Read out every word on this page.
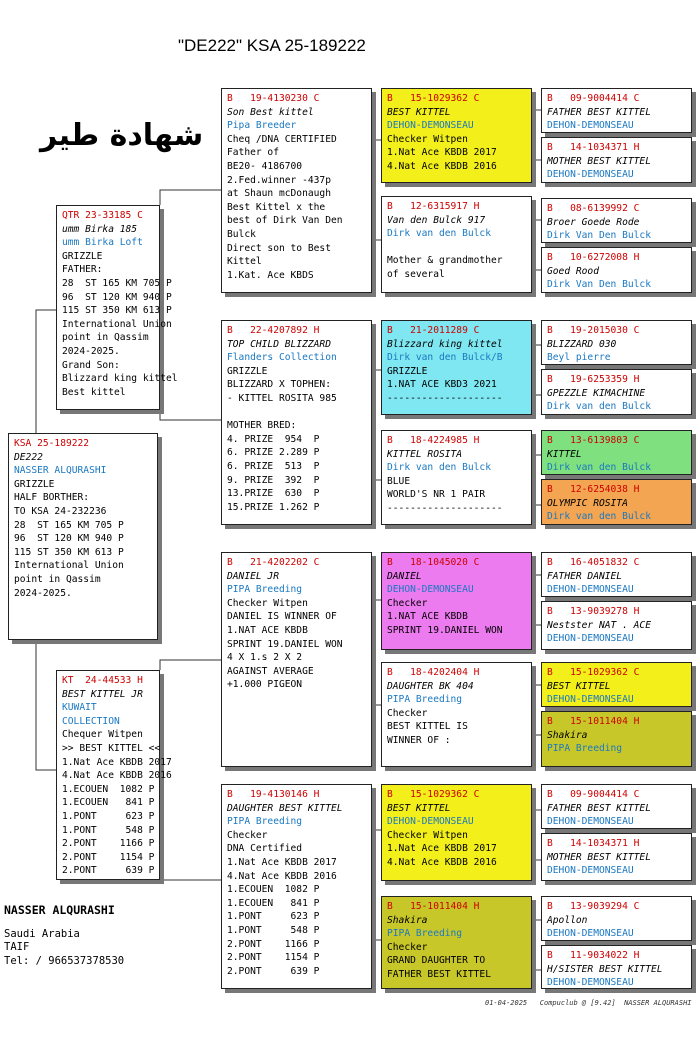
"DE222" KSA 25-189222
شهادة طير
KSA 25-189222
DE222
NASSER ALQURASHI
GRIZZLE
HALF BORTHER:
TO KSA 24-232236
28  ST 165 KM 705 P
96  ST 120 KM 940 P
115 ST 350 KM 613 P
International Union
point in Qassim
2024-2025.
QTR 23-33185 C
umm Birka 185
umm Birka Loft
GRIZZLE
FATHER:
28  ST 165 KM 705 P
96  ST 120 KM 940 P
115 ST 350 KM 613 P
International Union
point in Qassim
2024-2025.
Grand Son:
Blizzard king kittel
Best kittel
KT  24-44533 H
BEST KITTEL JR
KUWAIT COLLECTION
Chequer Witpen
>> BEST KITTEL <<
1.Nat Ace KBDB 2017
4.Nat Ace KBDB 2016
1.ECOUEN  1082 P
1.ECOUEN   841 P
1.PONT     623 P
1.PONT     548 P
2.PONT    1166 P
2.PONT    1154 P
2.PONT     639 P
B   19-4130230 C
Son Best kittel
Pipa Breeder
Cheq /DNA CERTIFIED
Father of
BE20- 4186700
2.Fed.winner -437p
at Shaun mcDonaugh
Best Kittel x the
best of Dirk Van Den
Bulck
Direct son to Best
Kittel
1.Kat. Ace KBDS
B   22-4207892 H
TOP CHILD BLIZZARD
Flanders Collection
GRIZZLE
BLIZZARD X TOPHEN:
- KITTEL ROSITA 985

MOTHER BRED:
4. PRIZE  954  P
6. PRIZE 2.289 P
6. PRIZE  513  P
9. PRIZE  392  P
13.PRIZE  630  P
15.PRIZE 1.262 P
B   21-4202202 C
DANIEL JR
PIPA Breeding
Checker Witpen
DANIEL IS WINNER OF
1.NAT ACE KBDB
SPRINT 19.DANIEL WON
4 X 1.s 2 X 2
AGAINST AVERAGE
+1.000 PIGEON
B   19-4130146 H
DAUGHTER BEST KITTEL
PIPA Breeding
Checker
DNA Certified
1.Nat Ace KBDB 2017
4.Nat Ace KBDB 2016
1.ECOUEN  1082 P
1.ECOUEN   841 P
1.PONT     623 P
1.PONT     548 P
2.PONT    1166 P
2.PONT    1154 P
2.PONT     639 P
B   15-1029362 C
BEST KITTEL
DEHON-DEMONSEAU
Checker Witpen
1.Nat Ace KBDB 2017
4.Nat Ace KBDB 2016
B   12-6315917 H
Van den Bulck 917
Dirk van den Bulck

Mother & grandmother
of several
B   21-2011289 C
Blizzard king kittel
Dirk van den Bulck/B
GRIZZLE
1.NAT ACE KBD3 2021
--------------------
B   18-4224985 H
KITTEL ROSITA
Dirk van den Bulck
BLUE
WORLD'S NR 1 PAIR
--------------------
B   18-1045020 C
DANIEL
DEHON-DEMONSEAU
Checker
1.NAT ACE KBDB
SPRINT 19.DANIEL WON
B   18-4202404 H
DAUGHTER BK 404
PIPA Breeding
Checker
BEST KITTEL IS
WINNER OF :
B   15-1029362 C
BEST KITTEL
DEHON-DEMONSEAU
Checker Witpen
1.Nat Ace KBDB 2017
4.Nat Ace KBDB 2016
B   15-1011404 H
Shakira
PIPA Breeding
Checker
GRAND DAUGHTER TO
FATHER BEST KITTEL
B   09-9004414 C
FATHER BEST KITTEL
DEHON-DEMONSEAU
B   14-1034371 H
MOTHER BEST KITTEL
DEHON-DEMONSEAU
B   08-6139992 C
Broer Goede Rode
Dirk Van Den Bulck
B   10-6272008 H
Goed Rood
Dirk Van Den Bulck
B   19-2015030 C
BLIZZARD 030
Beyl pierre
B   19-6253359 H
GPEZZLE KIMACHINE
Dirk van den Bulck
B   13-6139803 C
KITTEL
Dirk van den Bulck
B   12-6254038 H
OLYMPIC ROSITA
Dirk van den Bulck
B   16-4051832 C
FATHER DANIEL
DEHON-DEMONSEAU
B   13-9039278 H
Nestster NAT . ACE
DEHON-DEMONSEAU
B   15-1029362 C
BEST KITTEL
DEHON-DEMONSEAU
B   15-1011404 H
Shakira
PIPA Breeding
B   09-9004414 C
FATHER BEST KITTEL
DEHON-DEMONSEAU
B   14-1034371 H
MOTHER BEST KITTEL
DEHON-DEMONSEAU
B   13-9039294 C
Apollon
DEHON-DEMONSEAU
B   11-9034022 H
H/SISTER BEST KITTEL
DEHON-DEMONSEAU
NASSER ALQURASHI
Saudi Arabia
TAIF
Tel: / 966537378530
01-04-2025   Compuclub @ [9.42]  NASSER ALQURASHI
